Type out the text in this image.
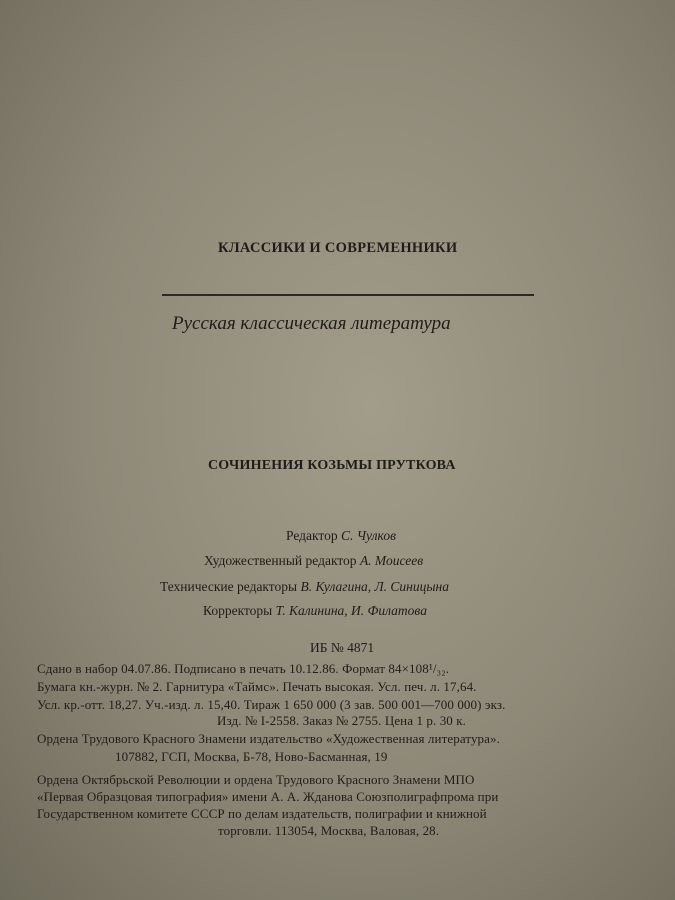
КЛАССИКИ И СОВРЕМЕННИКИ
Русская классическая литература
СОЧИНЕНИЯ КОЗЬМЫ ПРУТКОВА
Редактор С. Чулков
Художественный редактор А. Моисеев
Технические редакторы В. Кулагина, Л. Синицына
Корректоры Т. Калинина, И. Филатова
ИБ № 4871
Сдано в набор 04.07.86. Подписано в печать 10.12.86. Формат 84×108¹/₃₂.
Бумага кн.-журн. № 2. Гарнитура «Таймс». Печать высокая. Усл. печ. л. 17,64.
Усл. кр.-отт. 18,27. Уч.-изд. л. 15,40. Тираж 1 650 000 (3 зав. 500 001—700 000) экз.
Изд. № I-2558. Заказ № 2755. Цена 1 р. 30 к.
Ордена Трудового Красного Знамени издательство «Художественная литература».
107882, ГСП, Москва, Б-78, Ново-Басманная, 19
Ордена Октябрьской Революции и ордена Трудового Красного Знамени МПО
«Первая Образцовая типография» имени А. А. Жданова Союзполиграфпрома при
Государственном комитете СССР по делам издательств, полиграфии и книжной
торговли. 113054, Москва, Валовая, 28.
